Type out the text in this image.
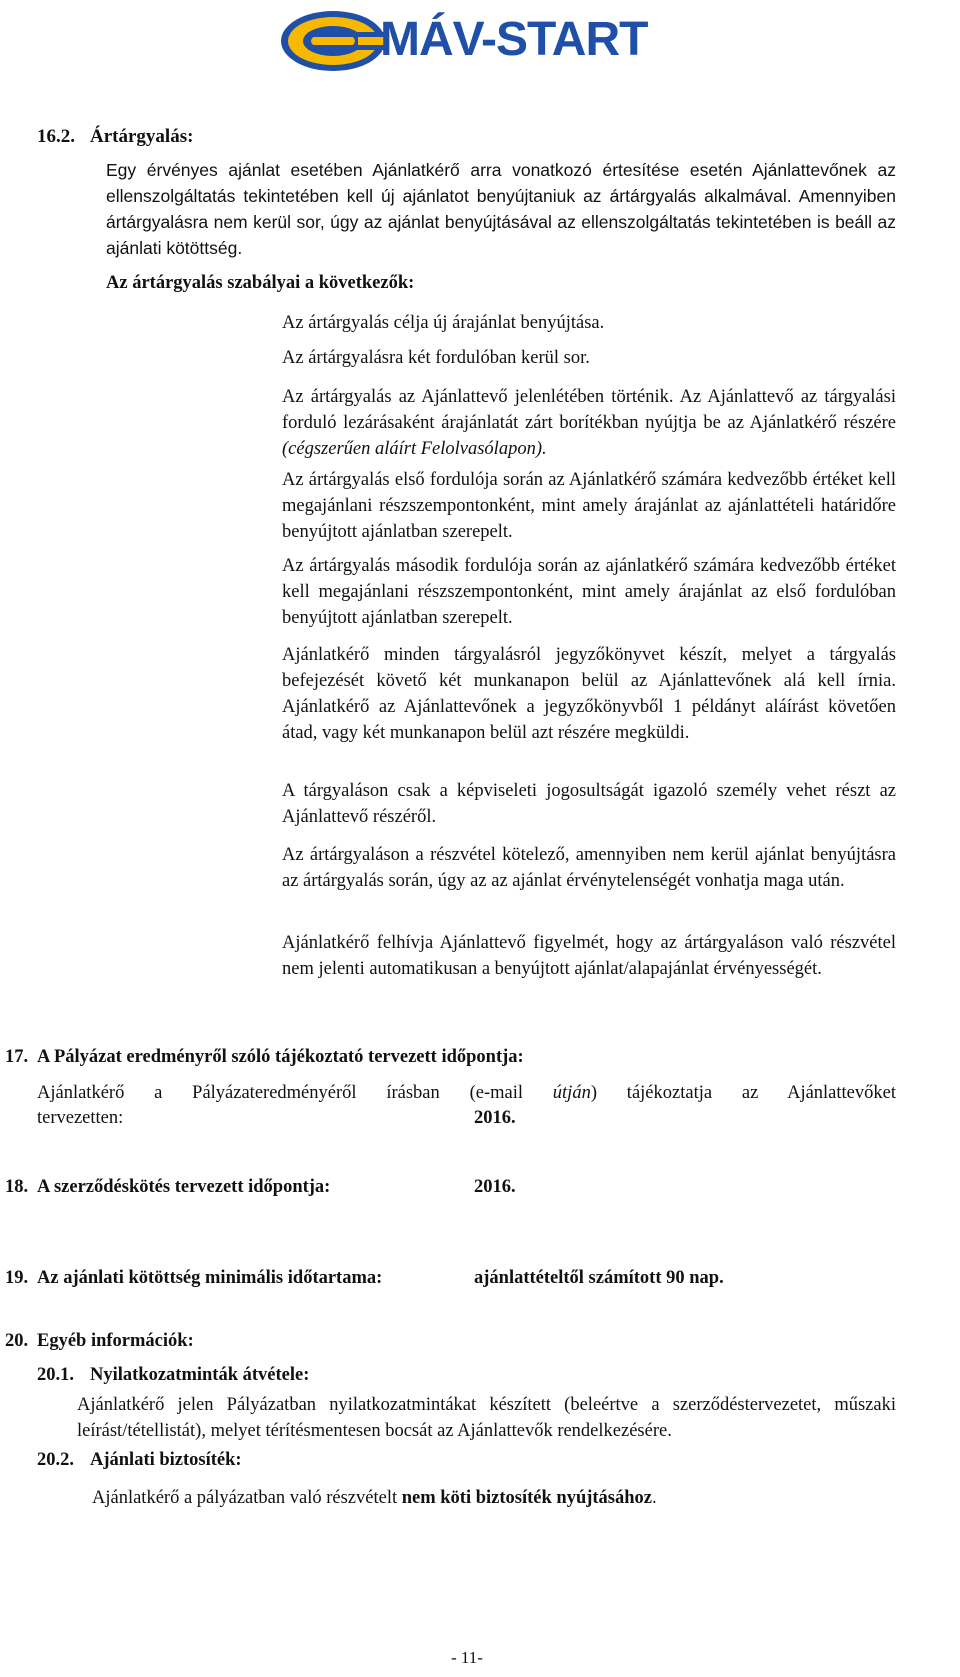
MÁV-START
16.2. Ártárgyalás:
Egy érvényes ajánlat esetében Ajánlatkérő arra vonatkozó értesítése esetén Ajánlattevőnek az ellenszolgáltatás tekintetében kell új ajánlatot benyújtaniuk az ártárgyalás alkalmával. Amennyiben ártárgyalásra nem kerül sor, úgy az ajánlat benyújtásával az ellenszolgáltatás tekintetében is beáll az ajánlati kötöttség.
Az ártárgyalás szabályai a következők:
Az ártárgyalás célja új árajánlat benyújtása.
Az ártárgyalásra két fordulóban kerül sor.
Az ártárgyalás az Ajánlattevő jelenlétében történik. Az Ajánlattevő az tárgyalási forduló lezárásaként árajánlatát zárt borítékban nyújtja be az Ajánlatkérő részére (cégszerűen aláírt Felolvasólapon).
Az ártárgyalás első fordulója során az Ajánlatkérő számára kedvezőbb értéket kell megajánlani részszempontonként, mint amely árajánlat az ajánlattételi határidőre benyújtott ajánlatban szerepelt.
Az ártárgyalás második fordulója során az ajánlatkérő számára kedvezőbb értéket kell megajánlani részszempontonként, mint amely árajánlat az első fordulóban benyújtott ajánlatban szerepelt.
Ajánlatkérő minden tárgyalásról jegyzőkönyvet készít, melyet a tárgyalás befejezését követő két munkanapon belül az Ajánlattevőnek alá kell írnia. Ajánlatkérő az Ajánlattevőnek a jegyzőkönyvből 1 példányt aláírást követően átad, vagy két munkanapon belül azt részére megküldi.
A tárgyaláson csak a képviseleti jogosultságát igazoló személy vehet részt az Ajánlattevő részéről.
Az ártárgyaláson a részvétel kötelező, amennyiben nem kerül ajánlat benyújtásra az ártárgyalás során, úgy az az ajánlat érvénytelenségét vonhatja maga után.
Ajánlatkérő felhívja Ajánlattevő figyelmét, hogy az ártárgyaláson való részvétel nem jelenti automatikusan a benyújtott ajánlat/alapajánlat érvényességét.
17. A Pályázat eredményről szóló tájékoztató tervezett időpontja:
Ajánlatkérő a Pályázateredményéről írásban (e-mail útján) tájékoztatja az Ajánlattevőket
tervezetten:	2016.
18. A szerződéskötés tervezett időpontja:	2016.
19. Az ajánlati kötöttség minimális időtartama:	ajánlattételtől számított 90 nap.
20. Egyéb információk:
20.1. Nyilatkozatminták átvétele:
Ajánlatkérő jelen Pályázatban nyilatkozatmintákat készített (beleértve a szerződéstervezetet, műszaki leírást/tétellistát), melyet térítésmentesen bocsát az Ajánlattevők rendelkezésére.
20.2. Ajánlati biztosíték:
Ajánlatkérő a pályázatban való részvételt nem köti biztosíték nyújtásához.
- 11-
